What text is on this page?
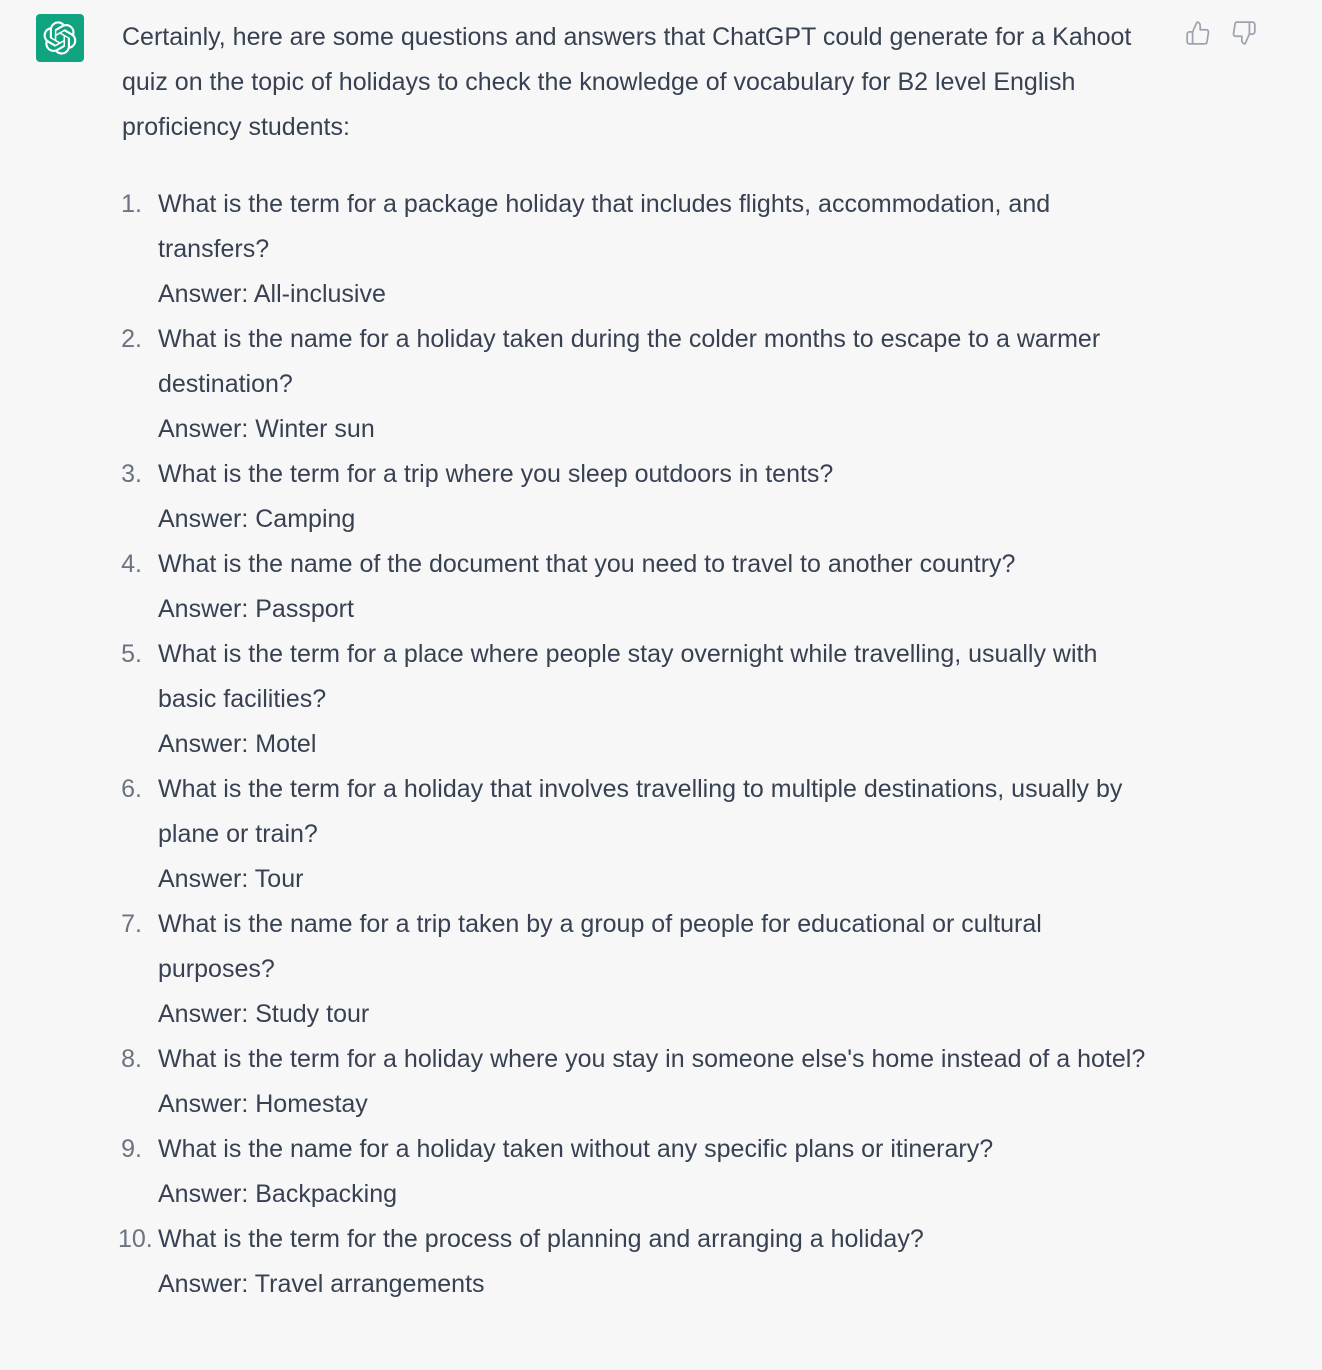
Certainly, here are some questions and answers that ChatGPT could generate for a Kahoot quiz on the topic of holidays to check the knowledge of vocabulary for B2 level English proficiency students:

1. What is the term for a package holiday that includes flights, accommodation, and transfers?
Answer: All-inclusive
2. What is the name for a holiday taken during the colder months to escape to a warmer destination?
Answer: Winter sun
3. What is the term for a trip where you sleep outdoors in tents?
Answer: Camping
4. What is the name of the document that you need to travel to another country?
Answer: Passport
5. What is the term for a place where people stay overnight while travelling, usually with basic facilities?
Answer: Motel
6. What is the term for a holiday that involves travelling to multiple destinations, usually by plane or train?
Answer: Tour
7. What is the name for a trip taken by a group of people for educational or cultural purposes?
Answer: Study tour
8. What is the term for a holiday where you stay in someone else's home instead of a hotel?
Answer: Homestay
9. What is the name for a holiday taken without any specific plans or itinerary?
Answer: Backpacking
10. What is the term for the process of planning and arranging a holiday?
Answer: Travel arrangements
